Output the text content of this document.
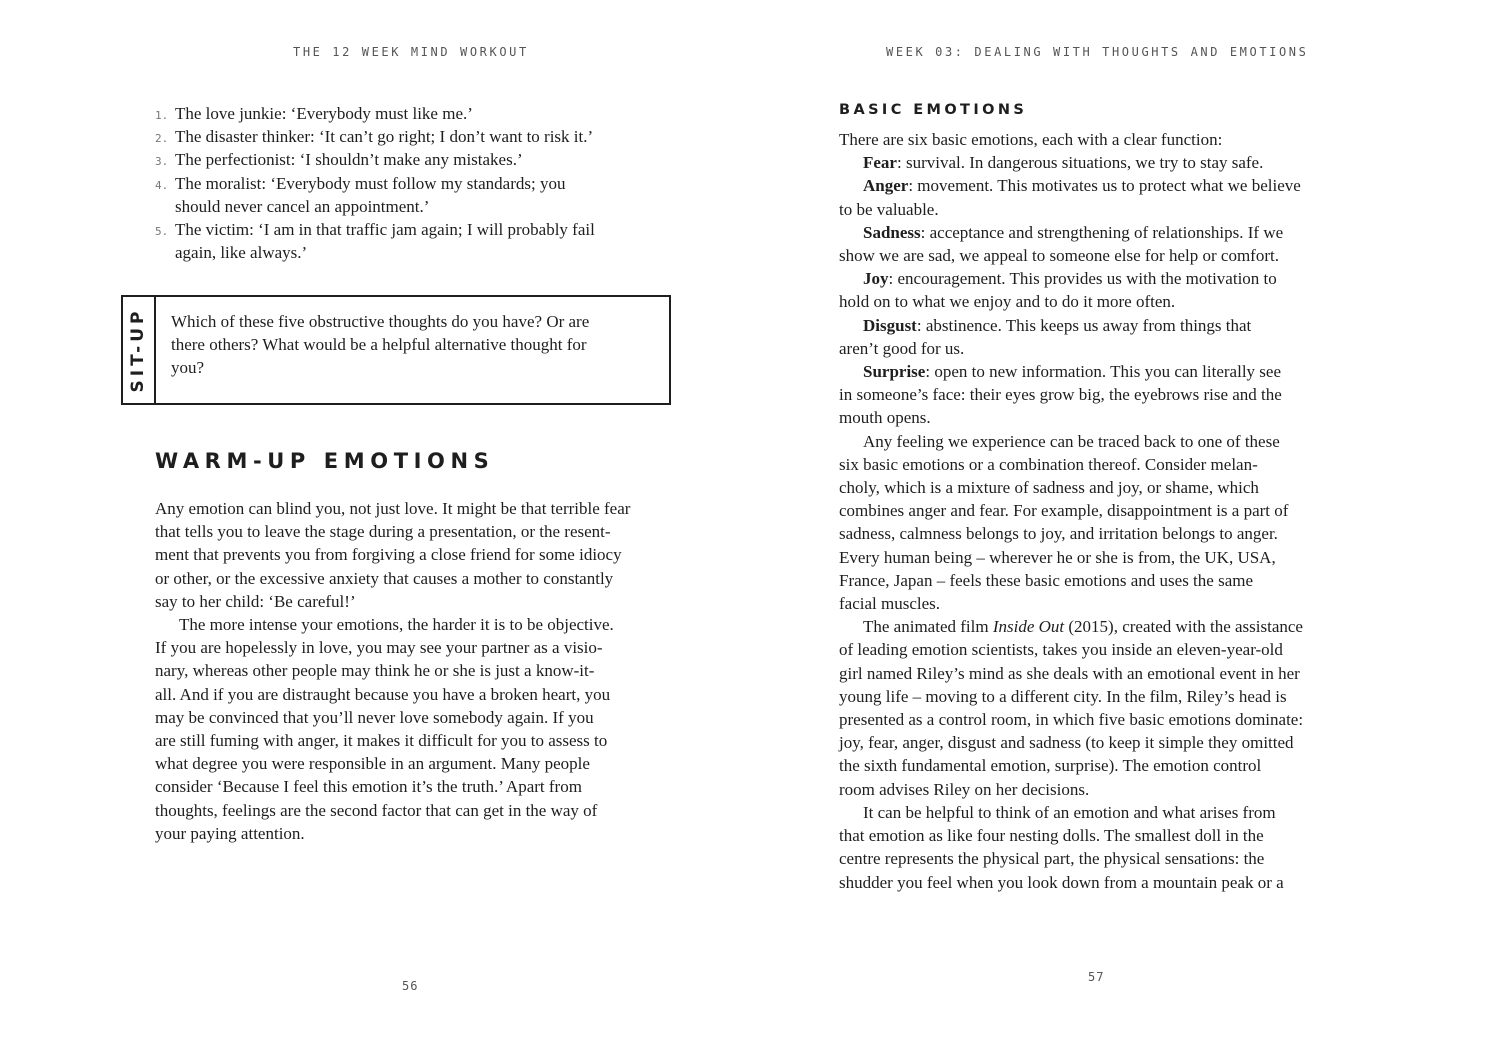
THE 12 WEEK MIND WORKOUT
1. The love junkie: ‘Everybody must like me.’
2. The disaster thinker: ‘It can’t go right; I don’t want to risk it.’
3. The perfectionist: ‘I shouldn’t make any mistakes.’
4. The moralist: ‘Everybody must follow my standards; you
should never cancel an appointment.’
5. The victim: ‘I am in that traffic jam again; I will probably fail
again, like always.’
SIT-UP Which of these five obstructive thoughts do you have? Or are
there others? What would be a helpful alternative thought for
you?

WARM-UP EMOTIONS
Any emotion can blind you, not just love. It might be that terrible fear
that tells you to leave the stage during a presentation, or the resent-
ment that prevents you from forgiving a close friend for some idiocy
or other, or the excessive anxiety that causes a mother to constantly
say to her child: ‘Be careful!’
The more intense your emotions, the harder it is to be objective.
If you are hopelessly in love, you may see your partner as a visio-
nary, whereas other people may think he or she is just a know-it-
all. And if you are distraught because you have a broken heart, you
may be convinced that you’ll never love somebody again. If you
are still fuming with anger, it makes it difficult for you to assess to
what degree you were responsible in an argument. Many people
consider ‘Because I feel this emotion it’s the truth.’ Apart from
thoughts, feelings are the second factor that can get in the way of
your paying attention.
56
WEEK 03: DEALING WITH THOUGHTS AND EMOTIONS
BASIC EMOTIONS
There are six basic emotions, each with a clear function:
Fear: survival. In dangerous situations, we try to stay safe.
Anger: movement. This motivates us to protect what we believe
to be valuable.
Sadness: acceptance and strengthening of relationships. If we
show we are sad, we appeal to someone else for help or comfort.
Joy: encouragement. This provides us with the motivation to
hold on to what we enjoy and to do it more often.
Disgust: abstinence. This keeps us away from things that
aren’t good for us.
Surprise: open to new information. This you can literally see
in someone’s face: their eyes grow big, the eyebrows rise and the
mouth opens.
Any feeling we experience can be traced back to one of these
six basic emotions or a combination thereof. Consider melan-
choly, which is a mixture of sadness and joy, or shame, which
combines anger and fear. For example, disappointment is a part of
sadness, calmness belongs to joy, and irritation belongs to anger.
Every human being – wherever he or she is from, the UK, USA,
France, Japan – feels these basic emotions and uses the same
facial muscles.
The animated film Inside Out (2015), created with the assistance
of leading emotion scientists, takes you inside an eleven-year-old
girl named Riley’s mind as she deals with an emotional event in her
young life – moving to a different city. In the film, Riley’s head is
presented as a control room, in which five basic emotions dominate:
joy, fear, anger, disgust and sadness (to keep it simple they omitted
the sixth fundamental emotion, surprise). The emotion control
room advises Riley on her decisions.
It can be helpful to think of an emotion and what arises from
that emotion as like four nesting dolls. The smallest doll in the
centre represents the physical part, the physical sensations: the
shudder you feel when you look down from a mountain peak or a
57
